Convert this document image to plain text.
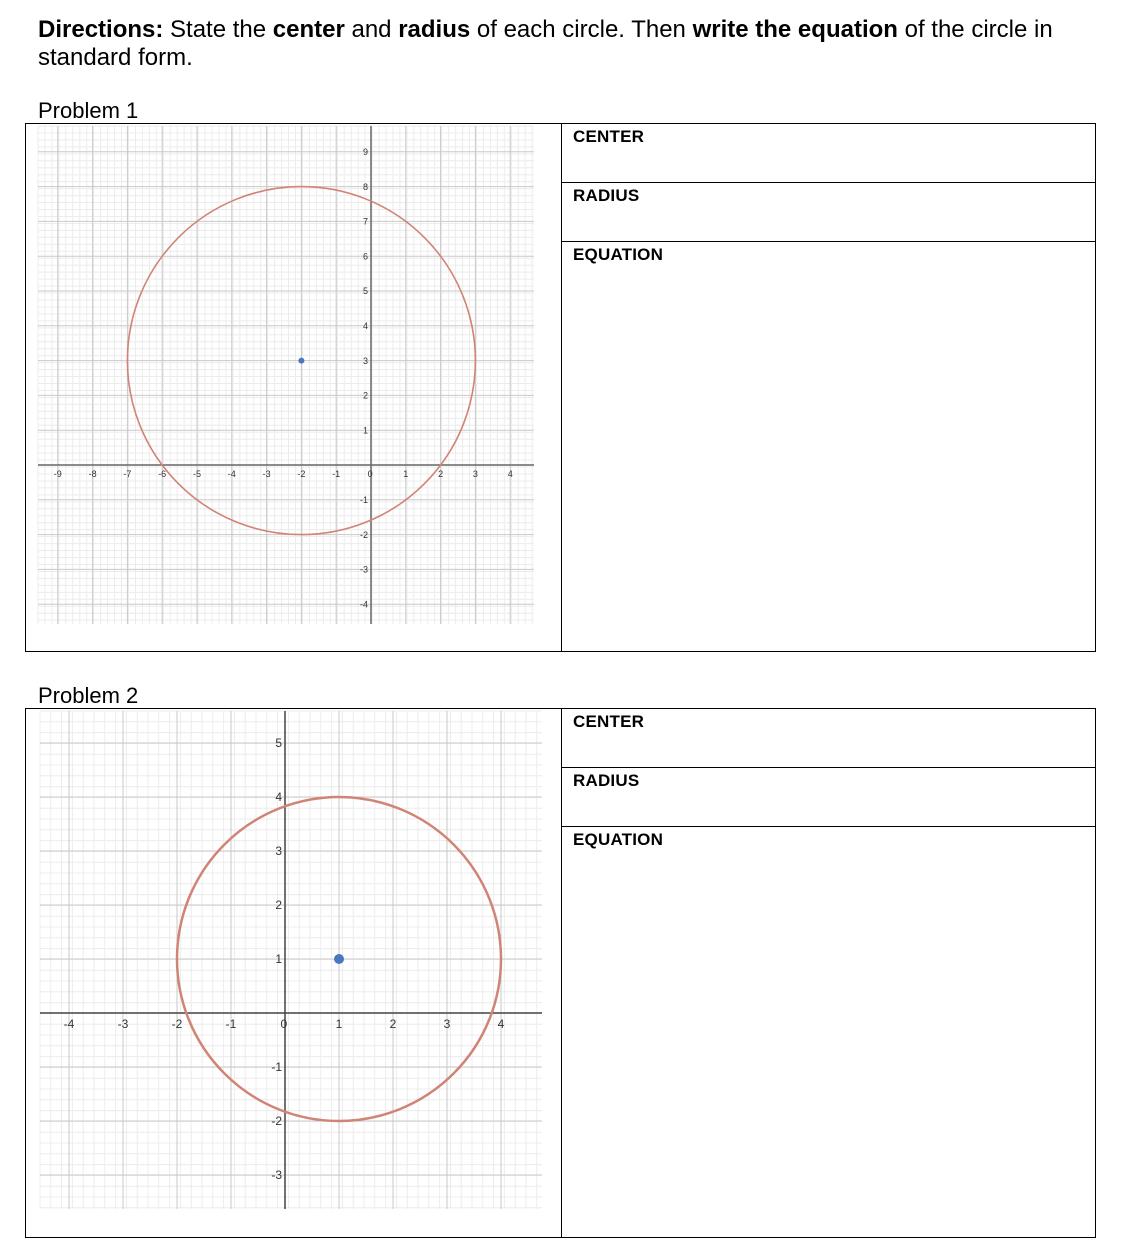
Directions: State the center and radius of each circle. Then write the equation of the circle in standard form.
Problem 1
-9	-8	-7	-6	-5	-4	-3	-2	-1	0	1	2	3	4
9
8
7
6
5
4
3
2
1
-1
-2
-3
-4
CENTER
RADIUS
EQUATION
Problem 2
-4	-3	-2	-1	0	1	2	3	4
5
4
3
2
1
-1
-2
-3
CENTER
RADIUS
EQUATION
